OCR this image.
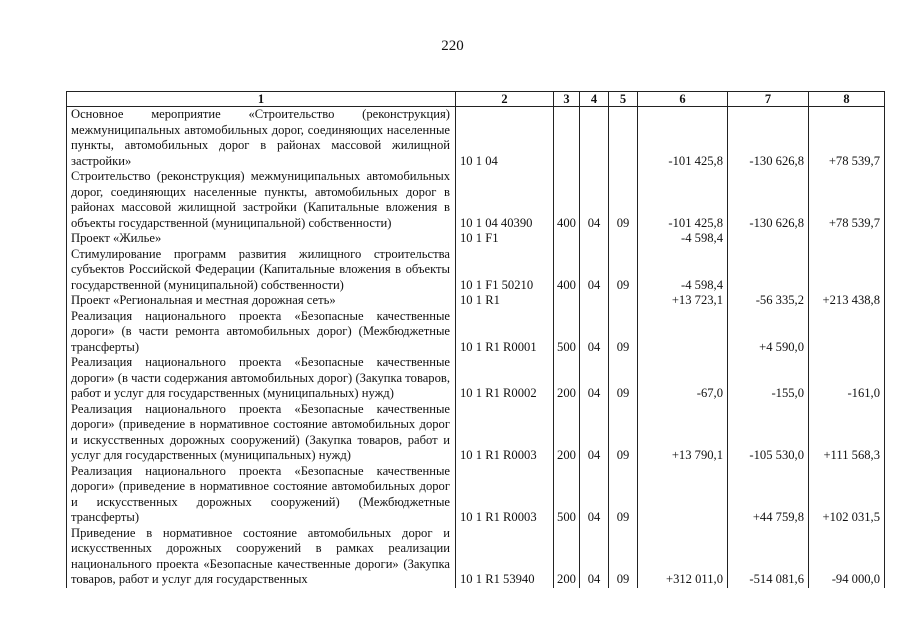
220
1	2	3	4	5	6	7	8
Основное мероприятие «Строительство (реконструкция) межмуниципальных автомобильных дорог, соединяющих населенные пункты, автомобильных дорог в районах массовой жилищной застройки»	10 1 04				-101 425,8	-130 626,8	+78 539,7
Строительство (реконструкция) межмуниципальных автомобильных дорог, соединяющих населенные пункты, автомобильных дорог в районах массовой жилищной застройки (Капитальные вложения в объекты государственной (муниципальной) собственности)	10 1 04 40390	400	04	09	-101 425,8	-130 626,8	+78 539,7
Проект «Жилье»	10 1 F1				-4 598,4		
Стимулирование программ развития жилищного строительства субъектов Российской Федерации (Капитальные вложения в объекты государственной (муниципальной) собственности)	10 1 F1 50210	400	04	09	-4 598,4		
Проект «Региональная и местная дорожная сеть»	10 1 R1				+13 723,1	-56 335,2	+213 438,8
Реализация национального проекта «Безопасные качественные дороги» (в части ремонта автомобильных дорог) (Межбюджетные трансферты)	10 1 R1 R0001	500	04	09		+4 590,0	
Реализация национального проекта «Безопасные качественные дороги» (в части содержания автомобильных дорог) (Закупка товаров, работ и услуг для государственных (муниципальных) нужд)	10 1 R1 R0002	200	04	09	-67,0	-155,0	-161,0
Реализация национального проекта «Безопасные качественные дороги» (приведение в нормативное состояние автомобильных дорог и искусственных дорожных сооружений) (Закупка товаров, работ и услуг для государственных (муниципальных) нужд)	10 1 R1 R0003	200	04	09	+13 790,1	-105 530,0	+111 568,3
Реализация национального проекта «Безопасные качественные дороги» (приведение в нормативное состояние автомобильных дорог и искусственных дорожных сооружений) (Межбюджетные трансферты)	10 1 R1 R0003	500	04	09		+44 759,8	+102 031,5
Приведение в нормативное состояние автомобильных дорог и искусственных дорожных сооружений в рамках реализации национального проекта «Безопасные качественные дороги» (Закупка товаров, работ и услуг для государственных	10 1 R1 53940	200	04	09	+312 011,0	-514 081,6	-94 000,0
